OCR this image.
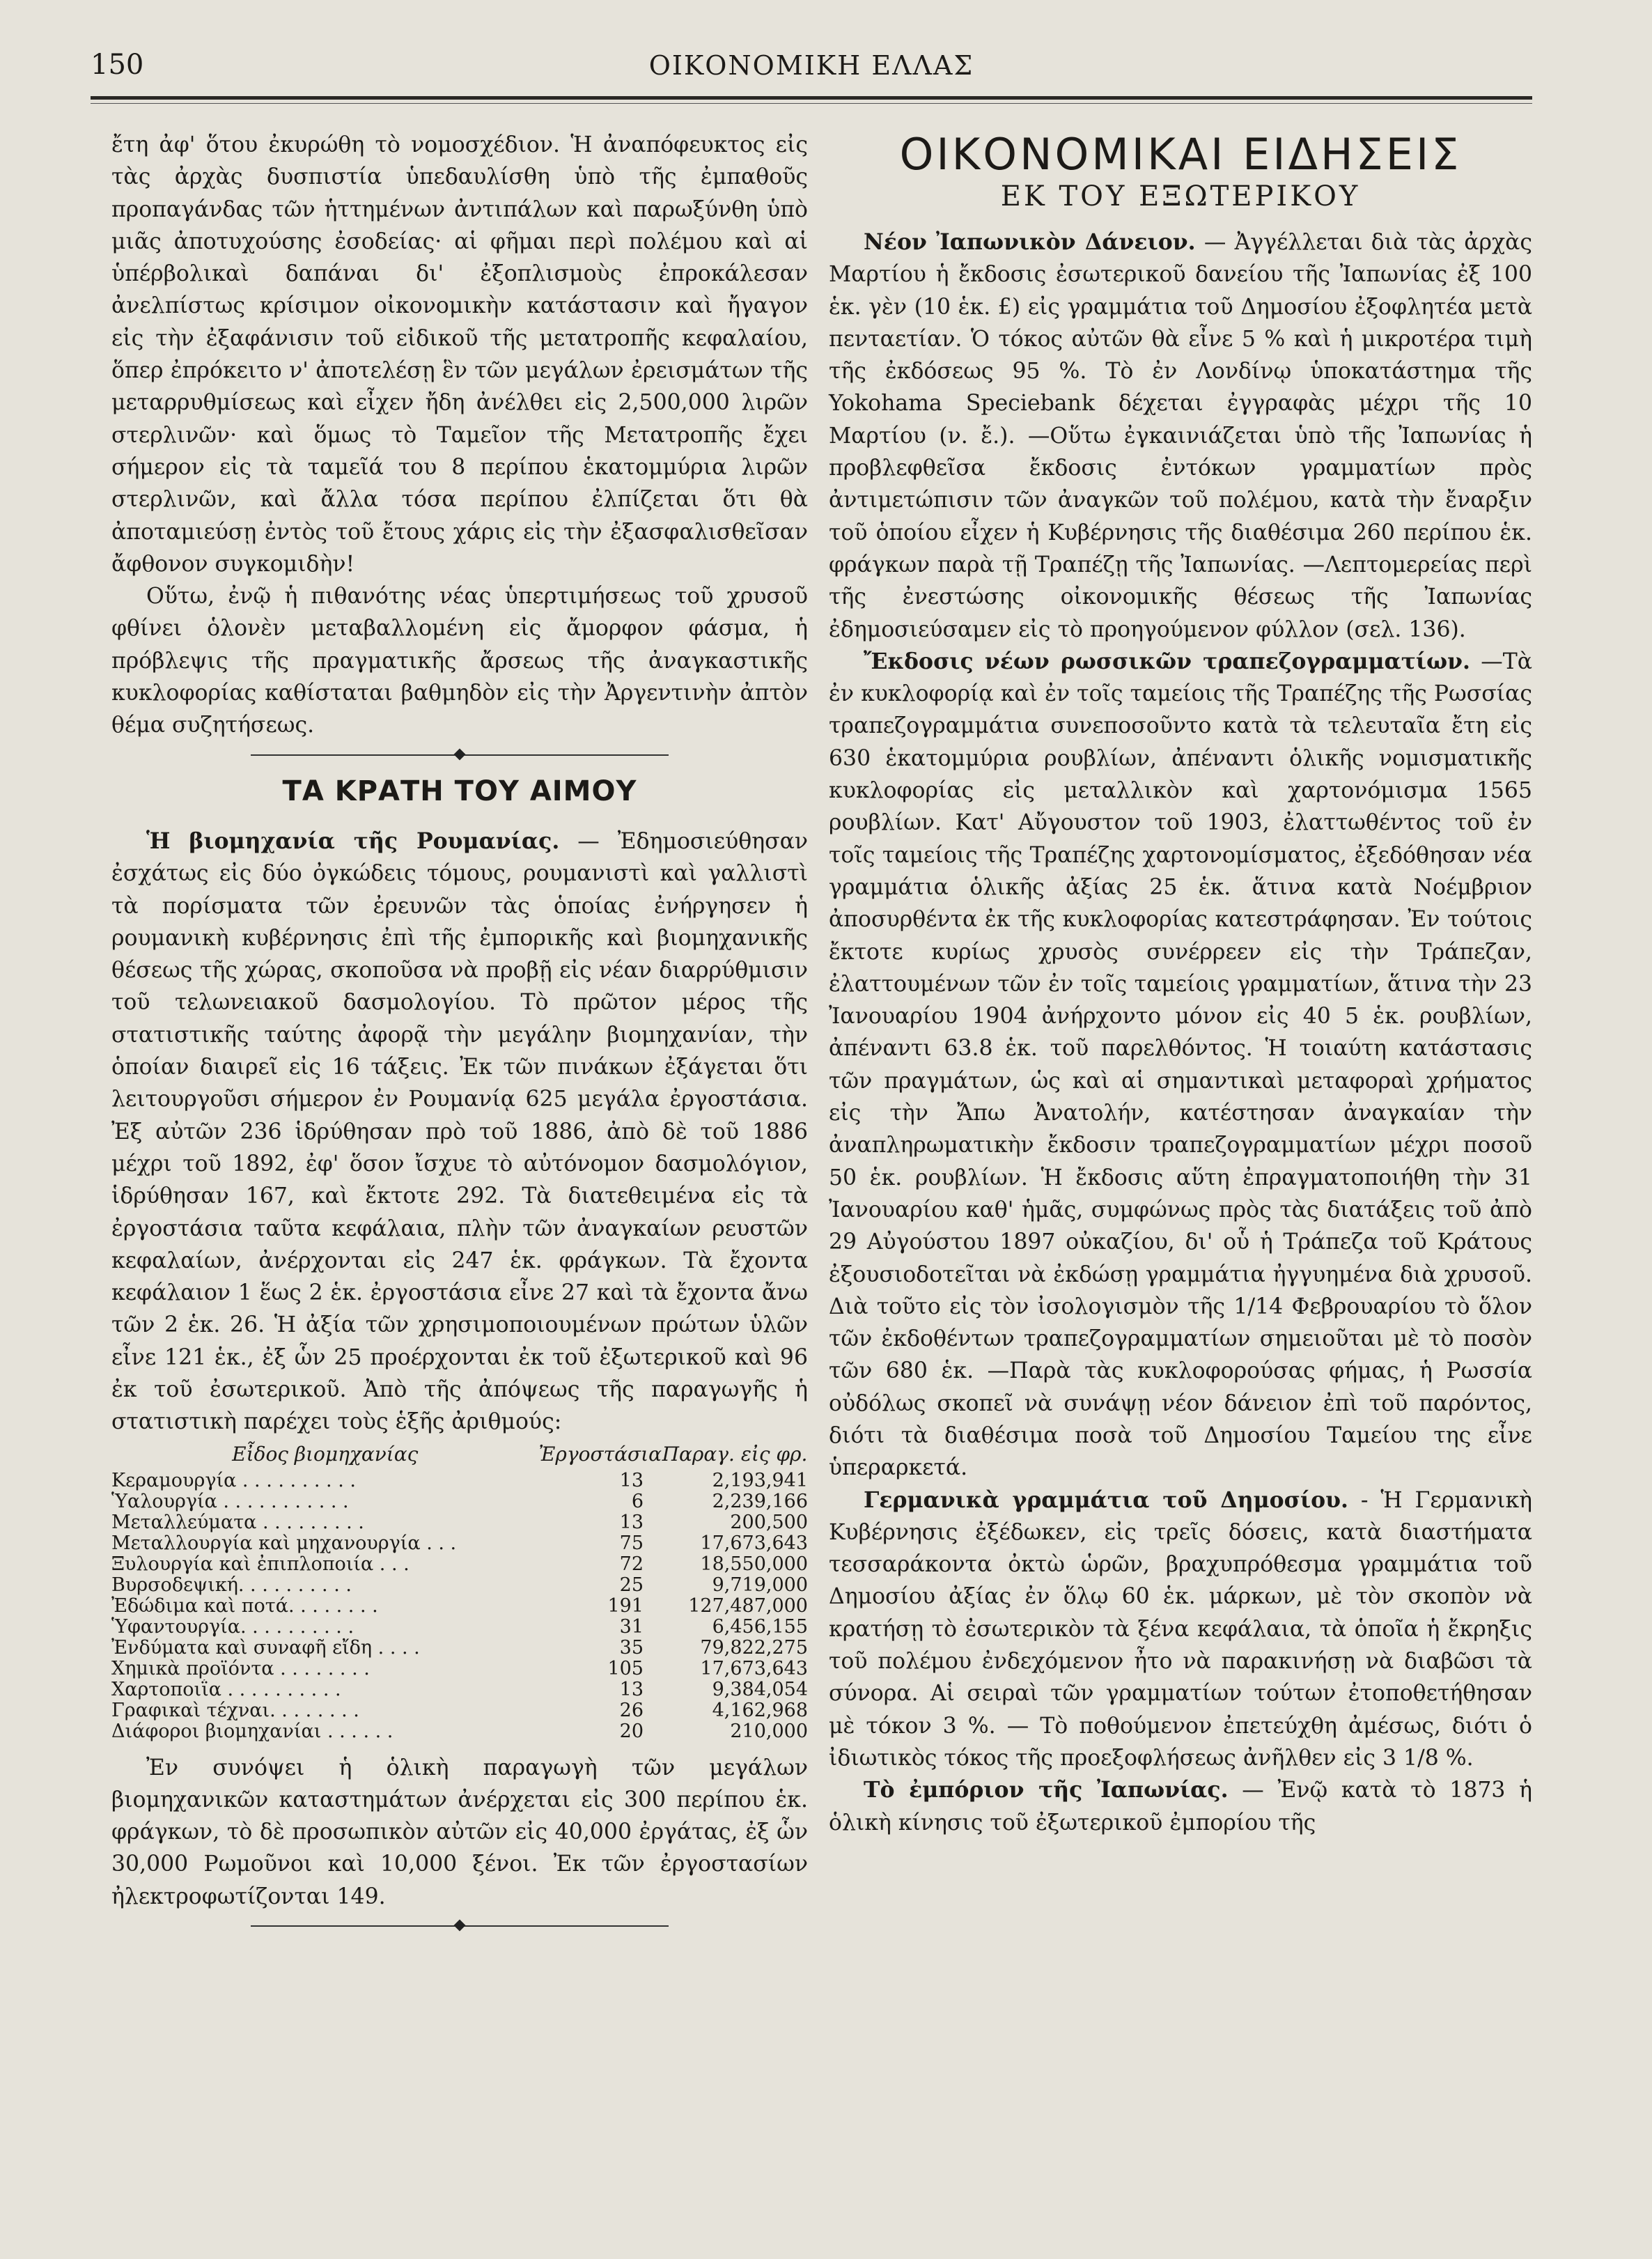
150	ΟΙΚΟΝΟΜΙΚΗ ΕΛΛΑΣ

ἔτη ἀφ' ὅτου ἐκυρώθη τὸ νομοσχέδιον. Ἡ ἀναπόφευκτος εἰς τὰς ἀρχὰς δυσπιστία ὑπεδαυλίσθη ὑπὸ τῆς ἐμπαθοῦς προπαγάνδας τῶν ἡττημένων ἀντιπάλων καὶ παρωξύνθη ὑπὸ μιᾶς ἀποτυχούσης ἐσοδείας· αἱ φῆμαι περὶ πολέμου καὶ αἱ ὑπέρβολικαὶ δαπάναι δι' ἐξοπλισμοὺς ἐπροκάλεσαν ἀνελπίστως κρίσιμον οἰκονομικὴν κατάστασιν καὶ ἤγαγον εἰς τὴν ἐξαφάνισιν τοῦ εἰδικοῦ τῆς μετατροπῆς κεφαλαίου, ὅπερ ἐπρόκειτο ν' ἀποτελέσῃ ἓν τῶν μεγάλων ἐρεισμάτων τῆς μεταρρυθμίσεως καὶ εἶχεν ἤδη ἀνέλθει εἰς 2,500,000 λιρῶν στερλινῶν· καὶ ὅμως τὸ Ταμεῖον τῆς Μετατροπῆς ἔχει σήμερον εἰς τὰ ταμεῖά του 8 περίπου ἑκατομμύρια λιρῶν στερλινῶν, καὶ ἄλλα τόσα περίπου ἐλπίζεται ὅτι θὰ ἀποταμιεύσῃ ἐντὸς τοῦ ἔτους χάρις εἰς τὴν ἐξασφαλισθεῖσαν ἄφθονον συγκομιδὴν!

Οὕτω, ἐνῷ ἡ πιθανότης νέας ὑπερτιμήσεως τοῦ χρυσοῦ φθίνει ὁλονὲν μεταβαλλομένη εἰς ἄμορφον φάσμα, ἡ πρόβλεψις τῆς πραγματικῆς ἄρσεως τῆς ἀναγκαστικῆς κυκλοφορίας καθίσταται βαθμηδὸν εἰς τὴν Ἀργεντινὴν ἀπτὸν θέμα συζητήσεως.

ΤΑ ΚΡΑΤΗ ΤΟΥ ΑΙΜΟΥ

Ἡ βιομηχανία τῆς Ρουμανίας. — Ἐδημοσιεύθησαν ἐσχάτως εἰς δύο ὀγκώδεις τόμους, ρουμανιστὶ καὶ γαλλιστὶ τὰ πορίσματα τῶν ἐρευνῶν τὰς ὁποίας ἐνήργησεν ἡ ρουμανικὴ κυβέρνησις ἐπὶ τῆς ἐμπορικῆς καὶ βιομηχανικῆς θέσεως τῆς χώρας, σκοποῦσα νὰ προβῇ εἰς νέαν διαρρύθμισιν τοῦ τελωνειακοῦ δασμολογίου. Τὸ πρῶτον μέρος τῆς στατιστικῆς ταύτης ἀφορᾷ τὴν μεγάλην βιομηχανίαν, τὴν ὁποίαν διαιρεῖ εἰς 16 τάξεις. Ἐκ τῶν πινάκων ἐξάγεται ὅτι λειτουργοῦσι σήμερον ἐν Ρουμανίᾳ 625 μεγάλα ἐργοστάσια. Ἐξ αὐτῶν 236 ἱδρύθησαν πρὸ τοῦ 1886, ἀπὸ δὲ τοῦ 1886 μέχρι τοῦ 1892, ἐφ' ὅσον ἴσχυε τὸ αὐτόνομον δασμολόγιον, ἱδρύθησαν 167, καὶ ἔκτοτε 292. Τὰ διατεθειμένα εἰς τὰ ἐργοστάσια ταῦτα κεφάλαια, πλὴν τῶν ἀναγκαίων ρευστῶν κεφαλαίων, ἀνέρχονται εἰς 247 ἑκ. φράγκων. Τὰ ἔχοντα κεφάλαιον 1 ἕως 2 ἑκ. ἐργοστάσια εἶνε 27 καὶ τὰ ἔχοντα ἄνω τῶν 2 ἑκ. 26. Ἡ ἀξία τῶν χρησιμοποιουμένων πρώτων ὑλῶν εἶνε 121 ἑκ., ἐξ ὧν 25 προέρχονται ἐκ τοῦ ἐξωτερικοῦ καὶ 96 ἐκ τοῦ ἐσωτερικοῦ. Ἀπὸ τῆς ἀπόψεως τῆς παραγωγῆς ἡ στατιστικὴ παρέχει τοὺς ἑξῆς ἀριθμούς:

Εἶδος βιομηχανίας	Ἐργοστάσια	Παραγ. εἰς φρ.
Κεραμουργία . . . . . . . . . .	13	2,193,941
Ὑαλουργία . . . . . . . . . . .	6	2,239,166
Μεταλλεύματα . . . . . . . . .	13	200,500
Μεταλλουργία καὶ μηχανουργία . . .	75	17,673,643
Ξυλουργία καὶ ἐπιπλοποιία . . .	72	18,550,000
Βυρσοδεψική. . . . . . . . . .	25	9,719,000
Ἐδώδιμα καὶ ποτά. . . . . . . .	191	127,487,000
Ὑφαντουργία. . . . . . . . . .	31	6,456,155
Ἐνδύματα καὶ συναφῆ εἴδη . . . .	35	79,822,275
Χημικὰ προϊόντα . . . . . . . .	105	17,673,643
Χαρτοποιΐα . . . . . . . . . .	13	9,384,054
Γραφικαὶ τέχναι. . . . . . . .	26	4,162,968
Διάφοροι βιομηχανίαι . . . . . .	20	210,000

Ἐν συνόψει ἡ ὁλικὴ παραγωγὴ τῶν μεγάλων βιομηχανικῶν καταστημάτων ἀνέρχεται εἰς 300 περίπου ἑκ. φράγκων, τὸ δὲ προσωπικὸν αὐτῶν εἰς 40,000 ἐργάτας, ἐξ ὧν 30,000 Ρωμοῦνοι καὶ 10,000 ξένοι. Ἐκ τῶν ἐργοστασίων ἠλεκτροφωτίζονται 149.

ΟΙΚΟΝΟΜΙΚΑΙ ΕΙΔΗΣΕΙΣ
ΕΚ ΤΟΥ ΕΞΩΤΕΡΙΚΟΥ

Νέον Ἰαπωνικὸν Δάνειον. — Ἀγγέλλεται διὰ τὰς ἀρχὰς Μαρτίου ἡ ἔκδοσις ἐσωτερικοῦ δανείου τῆς Ἰαπωνίας ἐξ 100 ἑκ. γὲν (10 ἑκ. £) εἰς γραμμάτια τοῦ Δημοσίου ἐξοφλητέα μετὰ πενταετίαν. Ὁ τόκος αὐτῶν θὰ εἶνε 5 % καὶ ἡ μικροτέρα τιμὴ τῆς ἐκδόσεως 95 %. Τὸ ἐν Λονδίνῳ ὑποκατάστημα τῆς Yokohama Speciebank δέχεται ἐγγραφὰς μέχρι τῆς 10 Μαρτίου (ν. ἔ.). —Οὕτω ἐγκαινιάζεται ὑπὸ τῆς Ἰαπωνίας ἡ προβλεφθεῖσα ἔκδοσις ἐντόκων γραμματίων πρὸς ἀντιμετώπισιν τῶν ἀναγκῶν τοῦ πολέμου, κατὰ τὴν ἔναρξιν τοῦ ὁποίου εἶχεν ἡ Κυβέρνησις τῆς διαθέσιμα 260 περίπου ἑκ. φράγκων παρὰ τῇ Τραπέζῃ τῆς Ἰαπωνίας. —Λεπτομερείας περὶ τῆς ἐνεστώσης οἰκονομικῆς θέσεως τῆς Ἰαπωνίας ἐδημοσιεύσαμεν εἰς τὸ προηγούμενον φύλλον (σελ. 136).

Ἔκδοσις νέων ρωσσικῶν τραπεζογραμματίων. —Τὰ ἐν κυκλοφορίᾳ καὶ ἐν τοῖς ταμείοις τῆς Τραπέζης τῆς Ρωσσίας τραπεζογραμμάτια συνεποσοῦντο κατὰ τὰ τελευταῖα ἔτη εἰς 630 ἑκατομμύρια ρουβλίων, ἀπέναντι ὁλικῆς νομισματικῆς κυκλοφορίας εἰς μεταλλικὸν καὶ χαρτονόμισμα 1565 ρουβλίων. Κατ' Αὔγουστον τοῦ 1903, ἐλαττωθέντος τοῦ ἐν τοῖς ταμείοις τῆς Τραπέζης χαρτονομίσματος, ἐξεδόθησαν νέα γραμμάτια ὁλικῆς ἀξίας 25 ἑκ. ἅτινα κατὰ Νοέμβριον ἀποσυρθέντα ἐκ τῆς κυκλοφορίας κατεστράφησαν. Ἐν τούτοις ἔκτοτε κυρίως χρυσὸς συνέρρεεν εἰς τὴν Τράπεζαν, ἐλαττουμένων τῶν ἐν τοῖς ταμείοις γραμματίων, ἅτινα τὴν 23 Ἰανουαρίου 1904 ἀνήρχοντο μόνον εἰς 40 5 ἑκ. ρουβλίων, ἀπέναντι 63.8 ἑκ. τοῦ παρελθόντος. Ἡ τοιαύτη κατάστασις τῶν πραγμάτων, ὡς καὶ αἱ σημαντικαὶ μεταφοραὶ χρήματος εἰς τὴν Ἄπω Ἀνατολήν, κατέστησαν ἀναγκαίαν τὴν ἀναπληρωματικὴν ἔκδοσιν τραπεζογραμματίων μέχρι ποσοῦ 50 ἑκ. ρουβλίων. Ἡ ἔκδοσις αὕτη ἐπραγματοποιήθη τὴν 31 Ἰανουαρίου καθ' ἡμᾶς, συμφώνως πρὸς τὰς διατάξεις τοῦ ἀπὸ 29 Αὐγούστου 1897 οὐκαζίου, δι' οὗ ἡ Τράπεζα τοῦ Κράτους ἐξουσιοδοτεῖται νὰ ἐκδώσῃ γραμμάτια ἠγγυημένα διὰ χρυσοῦ. Διὰ τοῦτο εἰς τὸν ἰσολογισμὸν τῆς 1/14 Φεβρουαρίου τὸ ὅλον τῶν ἐκδοθέντων τραπεζογραμματίων σημειοῦται μὲ τὸ ποσὸν τῶν 680 ἑκ. —Παρὰ τὰς κυκλοφορούσας φήμας, ἡ Ρωσσία οὐδόλως σκοπεῖ νὰ συνάψῃ νέον δάνειον ἐπὶ τοῦ παρόντος, διότι τὰ διαθέσιμα ποσὰ τοῦ Δημοσίου Ταμείου της εἶνε ὑπεραρκετά.

Γερμανικὰ γραμμάτια τοῦ Δημοσίου. - Ἡ Γερμανικὴ Κυβέρνησις ἐξέδωκεν, εἰς τρεῖς δόσεις, κατὰ διαστήματα τεσσαράκοντα ὀκτὼ ὡρῶν, βραχυπρόθεσμα γραμμάτια τοῦ Δημοσίου ἀξίας ἐν ὅλῳ 60 ἑκ. μάρκων, μὲ τὸν σκοπὸν νὰ κρατήσῃ τὸ ἐσωτερικὸν τὰ ξένα κεφάλαια, τὰ ὁποῖα ἡ ἔκρηξις τοῦ πολέμου ἐνδεχόμενον ἦτο νὰ παρακινήσῃ νὰ διαβῶσι τὰ σύνορα. Αἱ σειραὶ τῶν γραμματίων τούτων ἐτοποθετήθησαν μὲ τόκον 3 %. — Τὸ ποθούμενον ἐπετεύχθη ἀμέσως, διότι ὁ ἰδιωτικὸς τόκος τῆς προεξοφλήσεως ἀνῆλθεν εἰς 3 1/8 %.

Τὸ ἐμπόριον τῆς Ἰαπωνίας. — Ἐνῷ κατὰ τὸ 1873 ἡ ὁλικὴ κίνησις τοῦ ἐξωτερικοῦ ἐμπορίου τῆς
